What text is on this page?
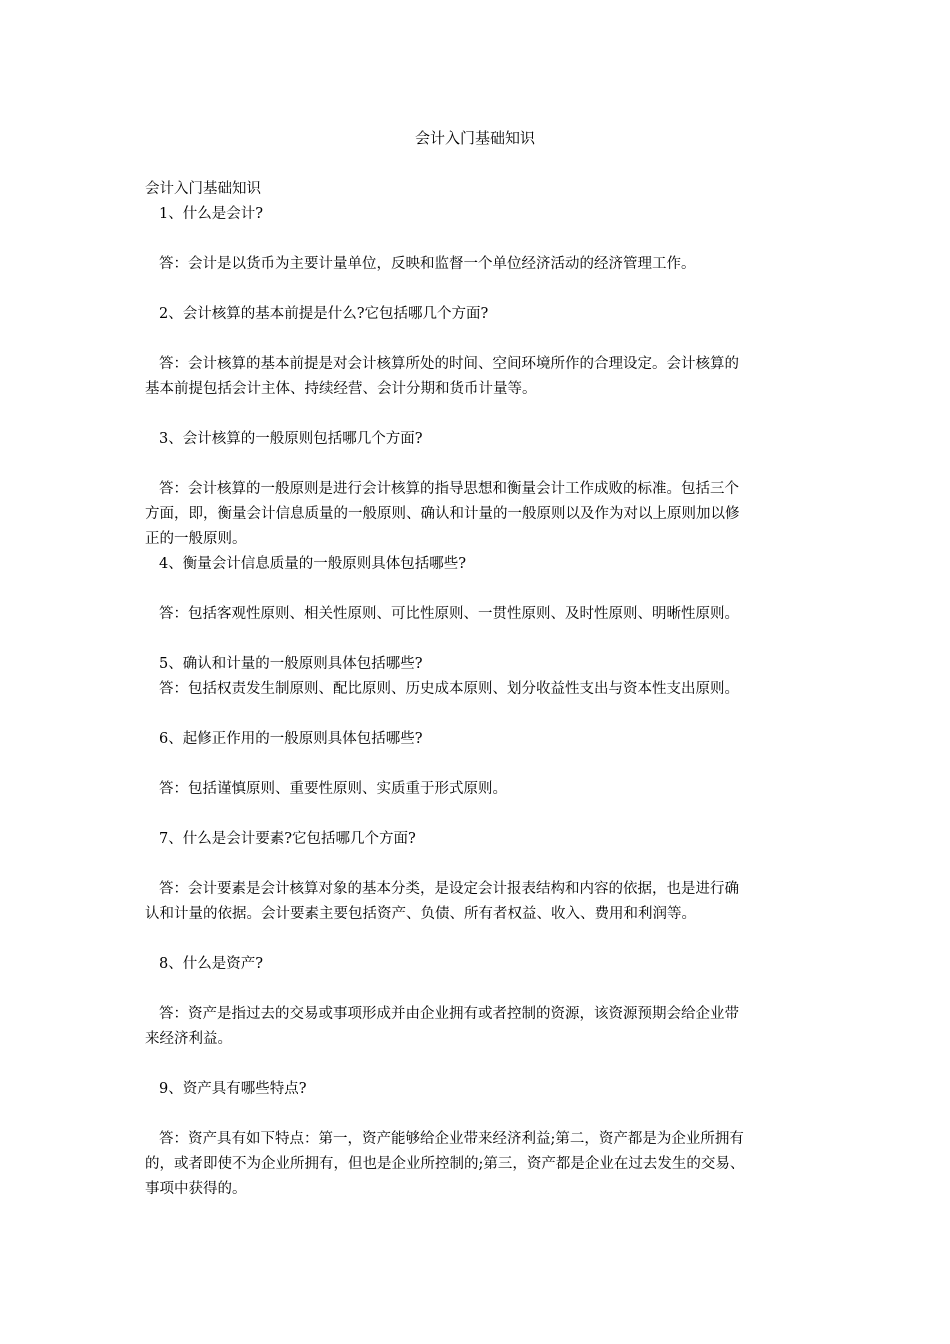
会计入门基础知识
会计入门基础知识
1、什么是会计?
答：会计是以货币为主要计量单位，反映和监督一个单位经济活动的经济管理工作。
2、会计核算的基本前提是什么?它包括哪几个方面?
答：会计核算的基本前提是对会计核算所处的时间、空间环境所作的合理设定。会计核算的
基本前提包括会计主体、持续经营、会计分期和货币计量等。
3、会计核算的一般原则包括哪几个方面?
答：会计核算的一般原则是进行会计核算的指导思想和衡量会计工作成败的标准。包括三个
方面，即，衡量会计信息质量的一般原则、确认和计量的一般原则以及作为对以上原则加以修
正的一般原则。
4、衡量会计信息质量的一般原则具体包括哪些?
答：包括客观性原则、相关性原则、可比性原则、一贯性原则、及时性原则、明晰性原则。
5、确认和计量的一般原则具体包括哪些?
答：包括权责发生制原则、配比原则、历史成本原则、划分收益性支出与资本性支出原则。
6、起修正作用的一般原则具体包括哪些?
答：包括谨慎原则、重要性原则、实质重于形式原则。
7、什么是会计要素?它包括哪几个方面?
答：会计要素是会计核算对象的基本分类，是设定会计报表结构和内容的依据，也是进行确
认和计量的依据。会计要素主要包括资产、负债、所有者权益、收入、费用和利润等。
8、什么是资产?
答：资产是指过去的交易或事项形成并由企业拥有或者控制的资源，该资源预期会给企业带
来经济利益。
9、资产具有哪些特点?
答：资产具有如下特点：第一，资产能够给企业带来经济利益;第二，资产都是为企业所拥有
的，或者即使不为企业所拥有，但也是企业所控制的;第三，资产都是企业在过去发生的交易、
事项中获得的。
